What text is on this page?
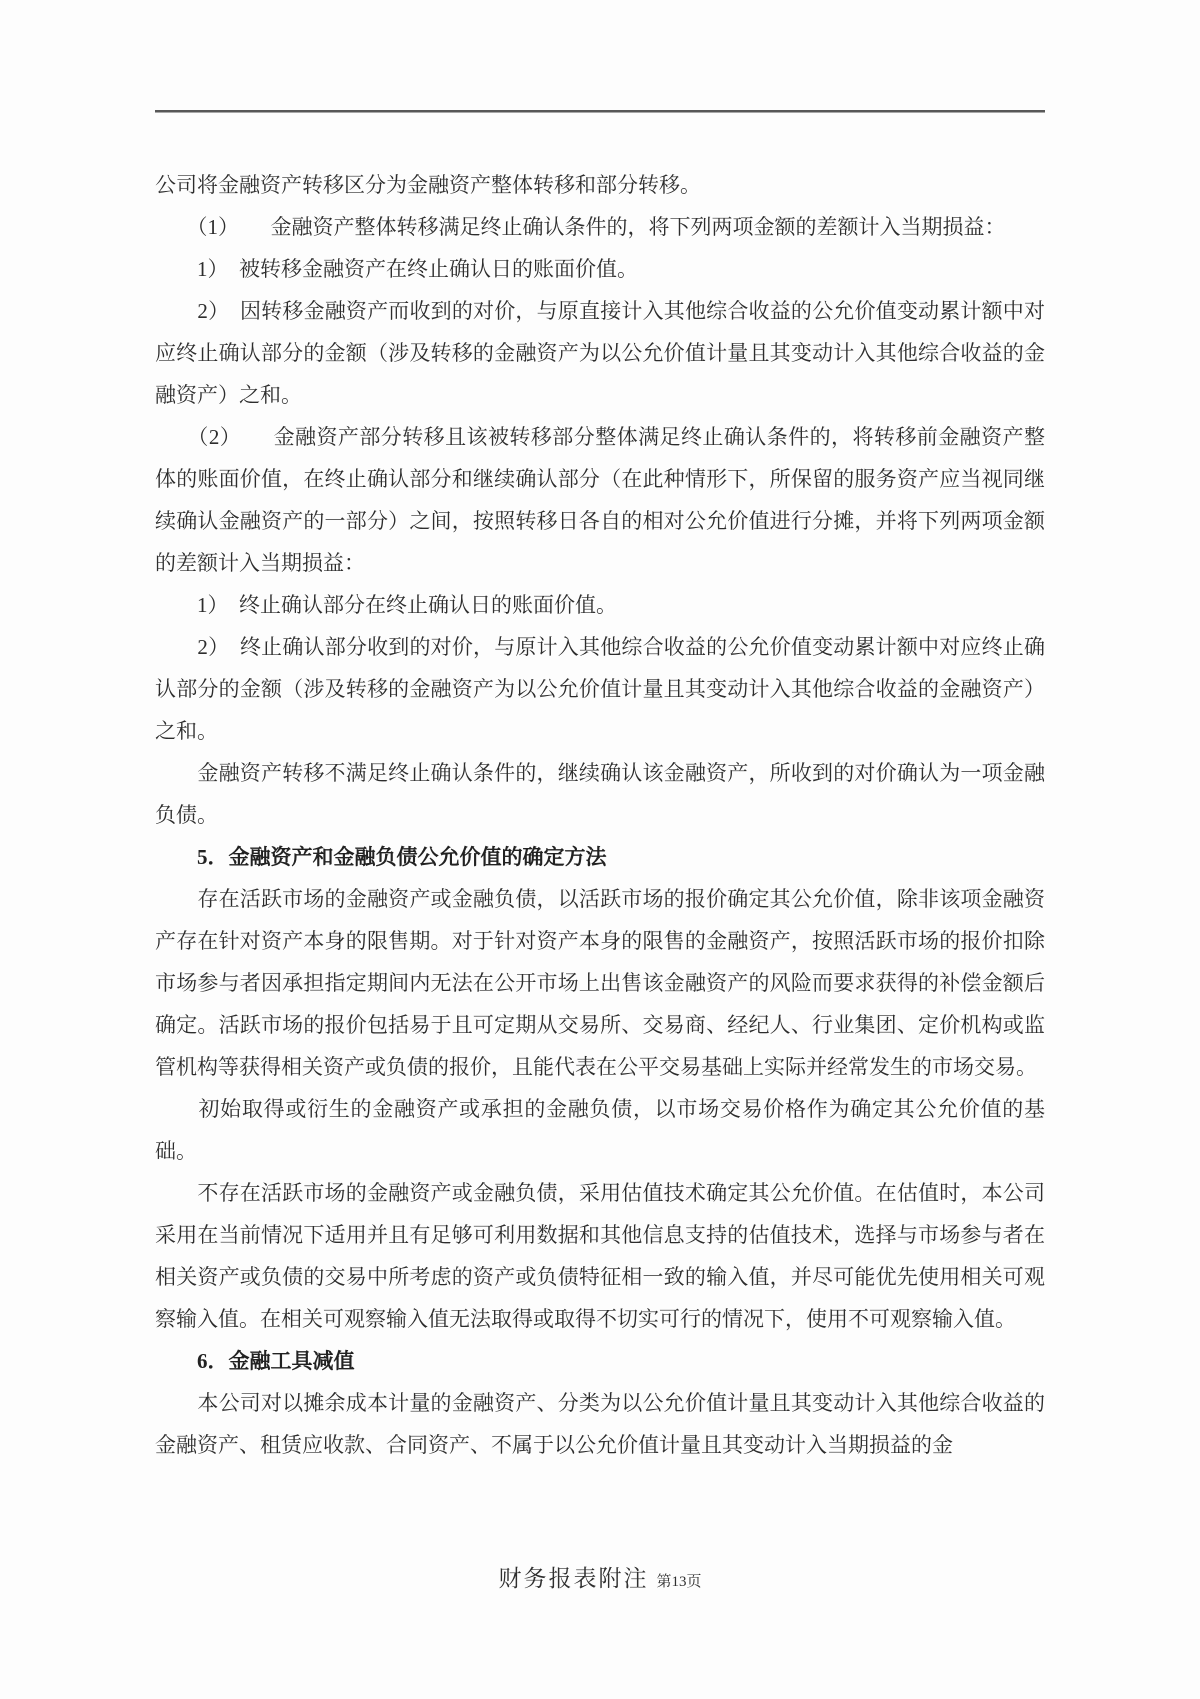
公司将金融资产转移区分为金融资产整体转移和部分转移。

　　（1）　　金融资产整体转移满足终止确认条件的，将下列两项金额的差额计入当期损益：

　　1）　被转移金融资产在终止确认日的账面价值。

　　2）　因转移金融资产而收到的对价，与原直接计入其他综合收益的公允价值变动累计额中对应终止确认部分的金额（涉及转移的金融资产为以公允价值计量且其变动计入其他综合收益的金融资产）之和。

　　（2）　　金融资产部分转移且该被转移部分整体满足终止确认条件的，将转移前金融资产整体的账面价值，在终止确认部分和继续确认部分（在此种情形下，所保留的服务资产应当视同继续确认金融资产的一部分）之间，按照转移日各自的相对公允价值进行分摊，并将下列两项金额的差额计入当期损益：

　　1）　终止确认部分在终止确认日的账面价值。

　　2）　终止确认部分收到的对价，与原计入其他综合收益的公允价值变动累计额中对应终止确认部分的金额（涉及转移的金融资产为以公允价值计量且其变动计入其他综合收益的金融资产）之和。

　　金融资产转移不满足终止确认条件的，继续确认该金融资产，所收到的对价确认为一项金融负债。

　　5．金融资产和金融负债公允价值的确定方法

　　存在活跃市场的金融资产或金融负债，以活跃市场的报价确定其公允价值，除非该项金融资产存在针对资产本身的限售期。对于针对资产本身的限售的金融资产，按照活跃市场的报价扣除市场参与者因承担指定期间内无法在公开市场上出售该金融资产的风险而要求获得的补偿金额后确定。活跃市场的报价包括易于且可定期从交易所、交易商、经纪人、行业集团、定价机构或监管机构等获得相关资产或负债的报价，且能代表在公平交易基础上实际并经常发生的市场交易。

　　初始取得或衍生的金融资产或承担的金融负债，以市场交易价格作为确定其公允价值的基础。

　　不存在活跃市场的金融资产或金融负债，采用估值技术确定其公允价值。在估值时，本公司采用在当前情况下适用并且有足够可利用数据和其他信息支持的估值技术，选择与市场参与者在相关资产或负债的交易中所考虑的资产或负债特征相一致的输入值，并尽可能优先使用相关可观察输入值。在相关可观察输入值无法取得或取得不切实可行的情况下，使用不可观察输入值。

　　6．金融工具减值

　　本公司对以摊余成本计量的金融资产、分类为以公允价值计量且其变动计入其他综合收益的金融资产、租赁应收款、合同资产、不属于以公允价值计量且其变动计入当期损益的金

财务报表附注 第13页
